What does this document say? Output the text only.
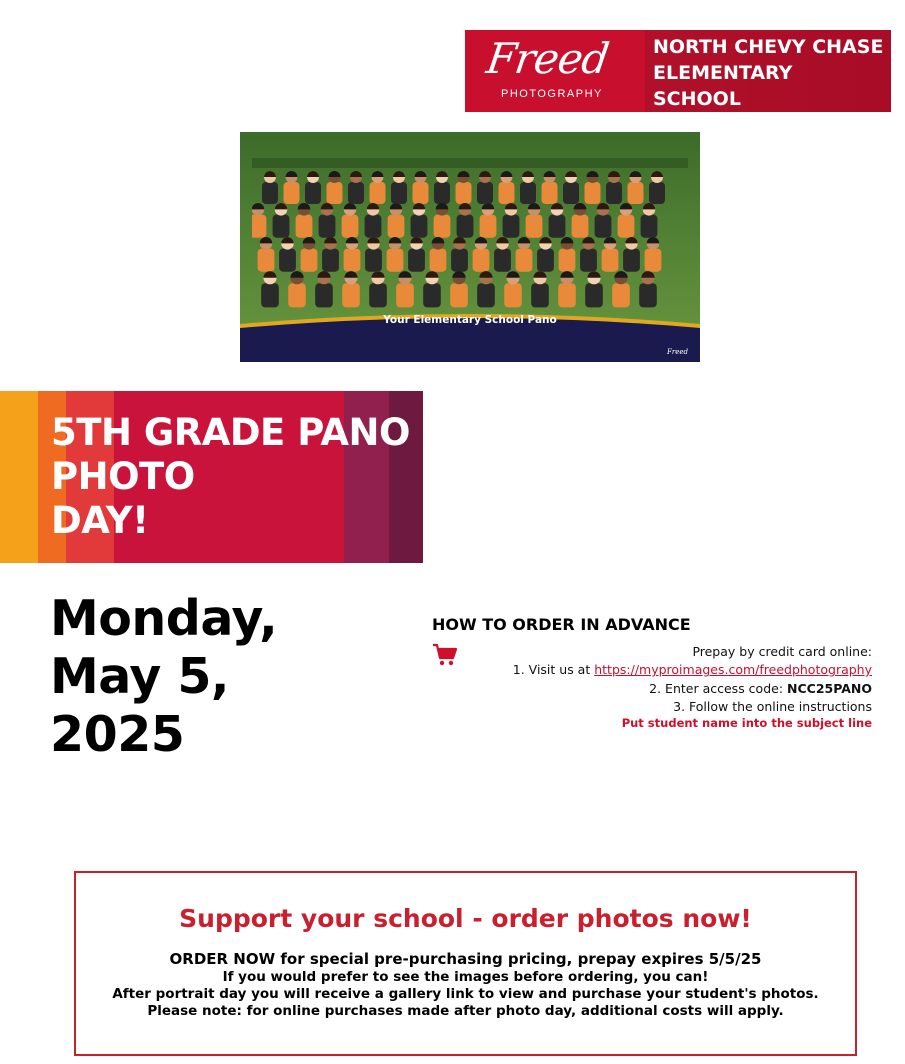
Freed
PHOTOGRAPHY
NORTH CHEVY CHASE
ELEMENTARY
SCHOOL
Your Elementary School Pano
Freed
5TH GRADE PANO
PHOTO
DAY!
Monday,
May 5,
2025
HOW TO ORDER IN ADVANCE
Prepay by credit card online:
1. Visit us at https://myproimages.com/freedphotography
2. Enter access code: NCC25PANO
3. Follow the online instructions
Put student name into the subject line
Support your school - order photos now!
ORDER NOW for special pre-purchasing pricing, prepay expires 5/5/25
If you would prefer to see the images before ordering, you can!
After portrait day you will receive a gallery link to view and purchase your student's photos.
Please note: for online purchases made after photo day, additional costs will apply.
